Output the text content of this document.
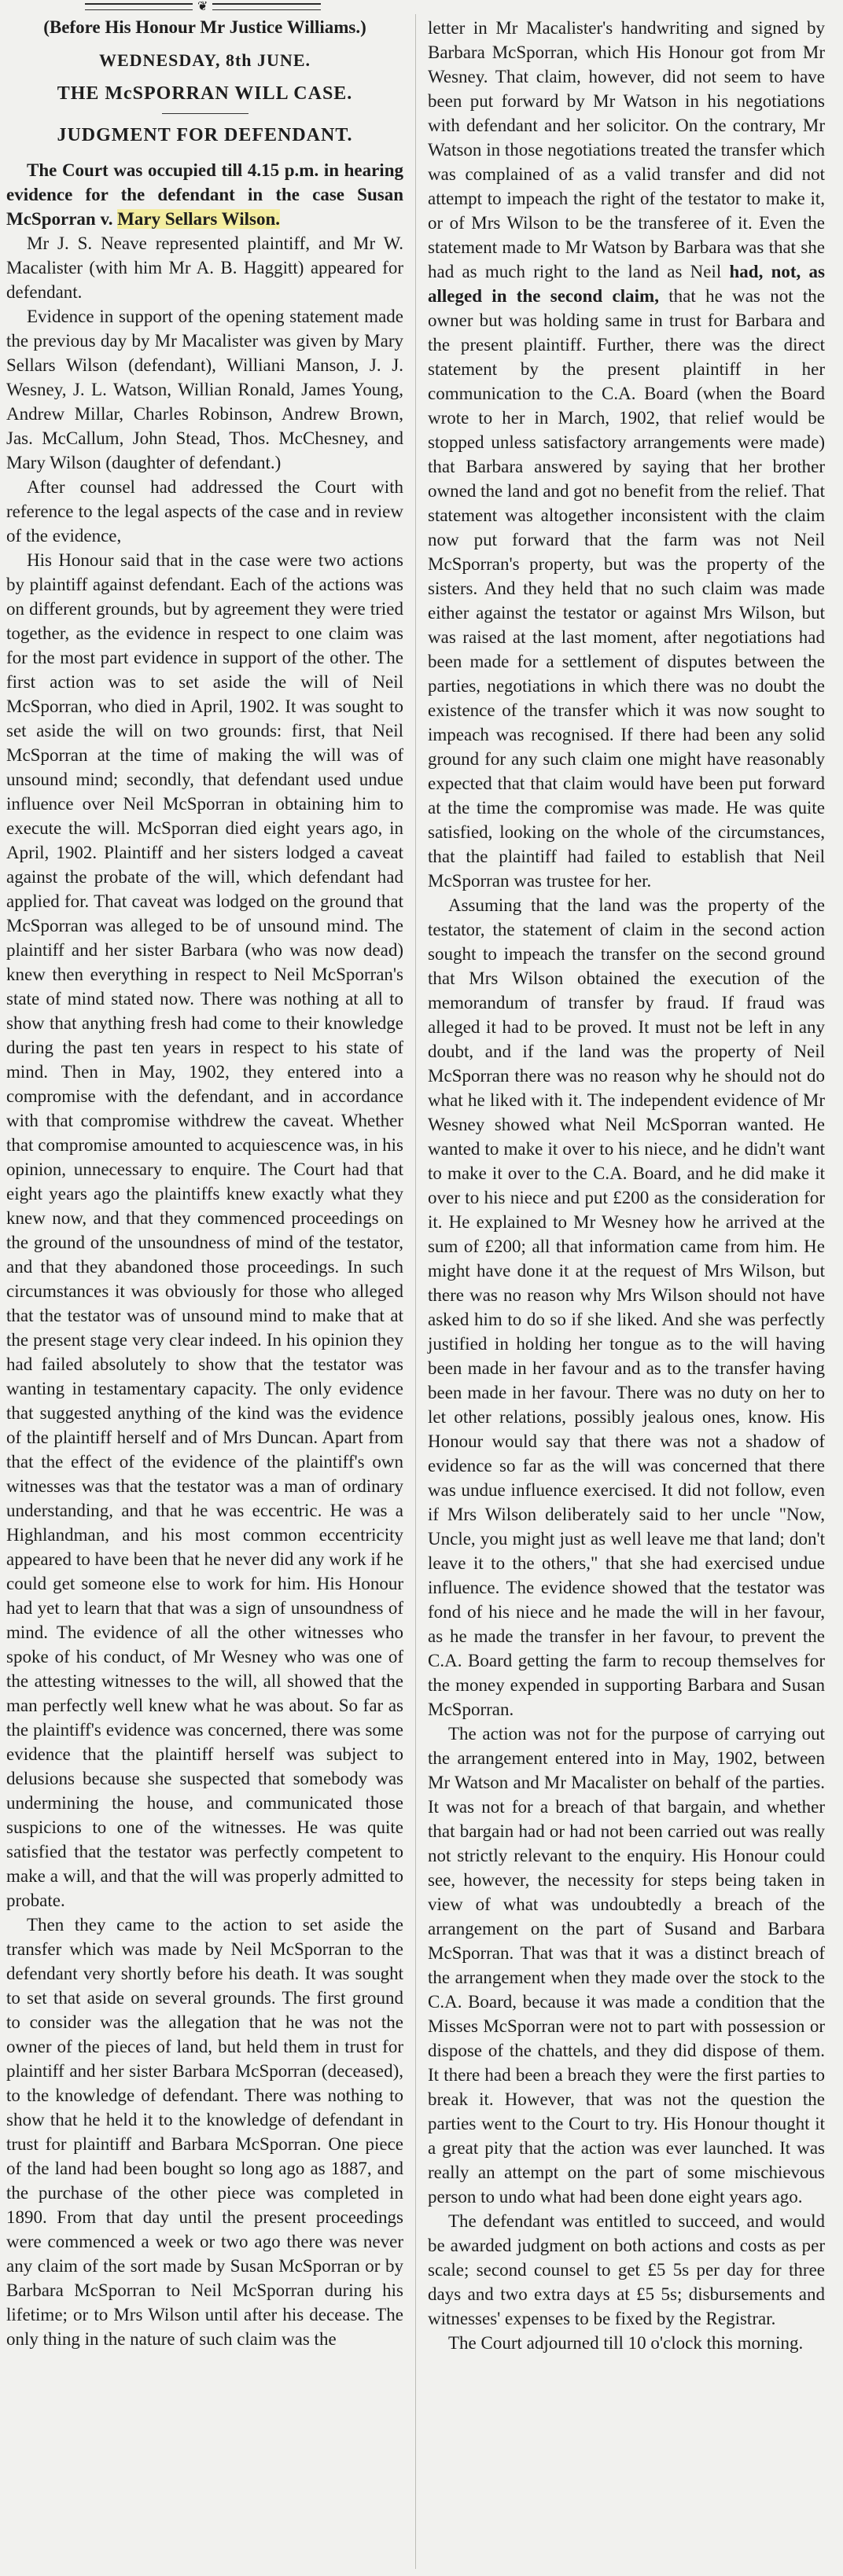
❦

(Before His Honour Mr Justice Williams.)

WEDNESDAY, 8th JUNE.

THE McSPORRAN WILL CASE.

JUDGMENT FOR DEFENDANT.

The Court was occupied till 4.15 p.m. in hearing evidence for the defendant in the case Susan McSporran v. Mary Sellars Wilson.

Mr J. S. Neave represented plaintiff, and Mr W. Macalister (with him Mr A. B. Haggitt) appeared for defendant.

Evidence in support of the opening statement made the previous day by Mr Macalister was given by Mary Sellars Wilson (defendant), Williani Manson, J. J. Wesney, J. L. Watson, Willian Ronald, James Young, Andrew Millar, Charles Robinson, Andrew Brown, Jas. McCallum, John Stead, Thos. McChesney, and Mary Wilson (daughter of defendant.)

After counsel had addressed the Court with reference to the legal aspects of the case and in review of the evidence,

His Honour said that in the case were two actions by plaintiff against defendant. Each of the actions was on different grounds, but by agreement they were tried together, as the evidence in respect to one claim was for the most part evidence in support of the other. The first action was to set aside the will of Neil McSporran, who died in April, 1902. It was sought to set aside the will on two grounds: first, that Neil McSporran at the time of making the will was of unsound mind; secondly, that defendant used undue influence over Neil McSporran in obtaining him to execute the will. McSporran died eight years ago, in April, 1902. Plaintiff and her sisters lodged a caveat against the probate of the will, which defendant had applied for. That caveat was lodged on the ground that McSporran was alleged to be of unsound mind. The plaintiff and her sister Barbara (who was now dead) knew then everything in respect to Neil McSporran's state of mind stated now. There was nothing at all to show that anything fresh had come to their knowledge during the past ten years in respect to his state of mind. Then in May, 1902, they entered into a compromise with the defendant, and in accordance with that compromise withdrew the caveat. Whether that compromise amounted to acquiescence was, in his opinion, unnecessary to enquire. The Court had that eight years ago the plaintiffs knew exactly what they knew now, and that they commenced proceedings on the ground of the unsoundness of mind of the testator, and that they abandoned those proceedings. In such circumstances it was obviously for those who alleged that the testator was of unsound mind to make that at the present stage very clear indeed. In his opinion they had failed absolutely to show that the testator was wanting in testamentary capacity. The only evidence that suggested anything of the kind was the evidence of the plaintiff herself and of Mrs Duncan. Apart from that the effect of the evidence of the plaintiff's own witnesses was that the testator was a man of ordinary understanding, and that he was eccentric. He was a Highlandman, and his most common eccentricity appeared to have been that he never did any work if he could get someone else to work for him. His Honour had yet to learn that that was a sign of unsoundness of mind. The evidence of all the other witnesses who spoke of his conduct, of Mr Wesney who was one of the attesting witnesses to the will, all showed that the man perfectly well knew what he was about. So far as the plaintiff's evidence was concerned, there was some evidence that the plaintiff herself was subject to delusions because she suspected that somebody was undermining the house, and communicated those suspicions to one of the witnesses. He was quite satisfied that the testator was perfectly competent to make a will, and that the will was properly admitted to probate.

Then they came to the action to set aside the transfer which was made by Neil McSporran to the defendant very shortly before his death. It was sought to set that aside on several grounds. The first ground to consider was the allegation that he was not the owner of the pieces of land, but held them in trust for plaintiff and her sister Barbara McSporran (deceased), to the knowledge of defendant. There was nothing to show that he held it to the knowledge of defendant in trust for plaintiff and Barbara McSporran. One piece of the land had been bought so long ago as 1887, and the purchase of the other piece was completed in 1890. From that day until the present proceedings were commenced a week or two ago there was never any claim of the sort made by Susan McSporran or by Barbara McSporran to Neil McSporran during his lifetime; or to Mrs Wilson until after his decease. The only thing in the nature of such claim was the

letter in Mr Macalister's handwriting and signed by Barbara McSporran, which His Honour got from Mr Wesney. That claim, however, did not seem to have been put forward by Mr Watson in his negotiations with defendant and her solicitor. On the contrary, Mr Watson in those negotiations treated the transfer which was complained of as a valid transfer and did not attempt to impeach the right of the testator to make it, or of Mrs Wilson to be the transferee of it. Even the statement made to Mr Watson by Barbara was that she had as much right to the land as Neil had, not, as alleged in the second claim, that he was not the owner but was holding same in trust for Barbara and the present plaintiff. Further, there was the direct statement by the present plaintiff in her communication to the C.A. Board (when the Board wrote to her in March, 1902, that relief would be stopped unless satisfactory arrangements were made) that Barbara answered by saying that her brother owned the land and got no benefit from the relief. That statement was altogether inconsistent with the claim now put forward that the farm was not Neil McSporran's property, but was the property of the sisters. And they held that no such claim was made either against the testator or against Mrs Wilson, but was raised at the last moment, after negotiations had been made for a settlement of disputes between the parties, negotiations in which there was no doubt the existence of the transfer which it was now sought to impeach was recognised. If there had been any solid ground for any such claim one might have reasonably expected that that claim would have been put forward at the time the compromise was made. He was quite satisfied, looking on the whole of the circumstances, that the plaintiff had failed to establish that Neil McSporran was trustee for her.

Assuming that the land was the property of the testator, the statement of claim in the second action sought to impeach the transfer on the second ground that Mrs Wilson obtained the execution of the memorandum of transfer by fraud. If fraud was alleged it had to be proved. It must not be left in any doubt, and if the land was the property of Neil McSporran there was no reason why he should not do what he liked with it. The independent evidence of Mr Wesney showed what Neil McSporran wanted. He wanted to make it over to his niece, and he didn't want to make it over to the C.A. Board, and he did make it over to his niece and put £200 as the consideration for it. He explained to Mr Wesney how he arrived at the sum of £200; all that information came from him. He might have done it at the request of Mrs Wilson, but there was no reason why Mrs Wilson should not have asked him to do so if she liked. And she was perfectly justified in holding her tongue as to the will having been made in her favour and as to the transfer having been made in her favour. There was no duty on her to let other relations, possibly jealous ones, know. His Honour would say that there was not a shadow of evidence so far as the will was concerned that there was undue influence exercised. It did not follow, even if Mrs Wilson deliberately said to her uncle "Now, Uncle, you might just as well leave me that land; don't leave it to the others," that she had exercised undue influence. The evidence showed that the testator was fond of his niece and he made the will in her favour, as he made the transfer in her favour, to prevent the C.A. Board getting the farm to recoup themselves for the money expended in supporting Barbara and Susan McSporran.

The action was not for the purpose of carrying out the arrangement entered into in May, 1902, between Mr Watson and Mr Macalister on behalf of the parties. It was not for a breach of that bargain, and whether that bargain had or had not been carried out was really not strictly relevant to the enquiry. His Honour could see, however, the necessity for steps being taken in view of what was undoubtedly a breach of the arrangement on the part of Susand and Barbara McSporran. That was that it was a distinct breach of the arrangement when they made over the stock to the C.A. Board, because it was made a condition that the Misses McSporran were not to part with possession or dispose of the chattels, and they did dispose of them. It there had been a breach they were the first parties to break it. However, that was not the question the parties went to the Court to try. His Honour thought it a great pity that the action was ever launched. It was really an attempt on the part of some mischievous person to undo what had been done eight years ago.

The defendant was entitled to succeed, and would be awarded judgment on both actions and costs as per scale; second counsel to get £5 5s per day for three days and two extra days at £5 5s; disbursements and witnesses' expenses to be fixed by the Registrar.

The Court adjourned till 10 o'clock this morning.
